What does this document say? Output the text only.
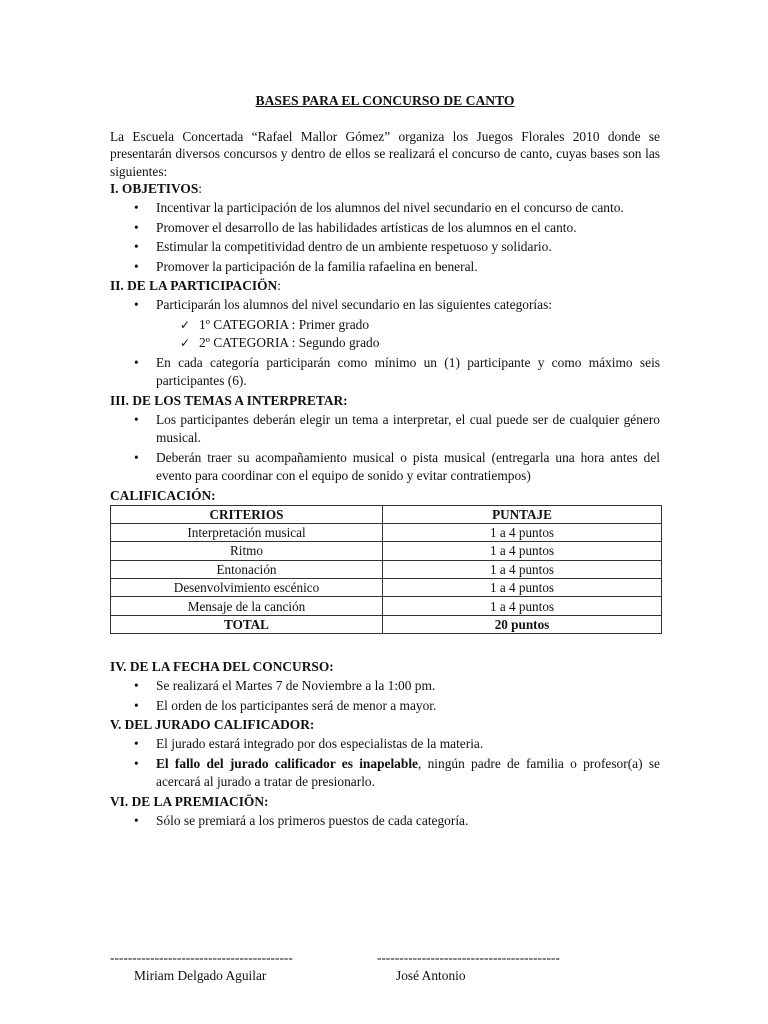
BASES PARA EL CONCURSO DE CANTO

La Escuela Concertada “Rafael Mallor Gómez” organiza los Juegos Florales 2010 donde se presentarán diversos concursos y dentro de ellos se realizará el concurso de canto, cuyas bases son las siguientes:

I. OBJETIVOS:

• Incentivar la participación de los alumnos del nivel secundario en el concurso de canto.
• Promover el desarrollo de las habilidades artísticas de los alumnos en el canto.
• Estimular la competitividad dentro de un ambiente respetuoso y solidario.
• Promover la participación de la familia rafaelina en beneral.

II. DE LA PARTICIPACIÖN:

• Participarán los alumnos del nivel secundario en las siguientes categorías:
✓ 1º CATEGORIA : Primer grado
✓ 2º CATEGORIA : Segundo grado
• En cada categoría participarán como mínimo un (1) participante y como máximo seis participantes (6).

III. DE LOS TEMAS A INTERPRETAR:

• Los participantes deberán elegir un tema a interpretar, el cual puede ser de cualquier género musical.
• Deberán traer su acompañamiento musical o pista musical (entregarla una hora antes del evento para coordinar con el equipo de sonido y evitar contratiempos)

CALIFICACIÓN:

CRITERIOS	PUNTAJE
Interpretación musical	1 a 4 puntos
Ritmo	1 a 4 puntos
Entonación	1 a 4 puntos
Desenvolvimiento escénico	1 a 4 puntos
Mensaje de la canción	1 a 4 puntos
TOTAL	20 puntos

IV. DE LA FECHA DEL CONCURSO:

• Se realizará el Martes 7 de Noviembre a la 1:00 pm.
• El orden de los participantes será de menor a mayor.

V. DEL JURADO CALIFICADOR:

• El jurado estará integrado por dos especialistas de la materia.
• El fallo del jurado calificador es inapelable, ningún padre de familia o profesor(a) se acercará al jurado a tratar de presionarlo.

VI. DE LA PREMIACIÖN:

• Sólo se premiará a los primeros puestos de cada categoría.
-----------------------------------------
Miriam Delgado Aguilar
-----------------------------------------
José Antonio
